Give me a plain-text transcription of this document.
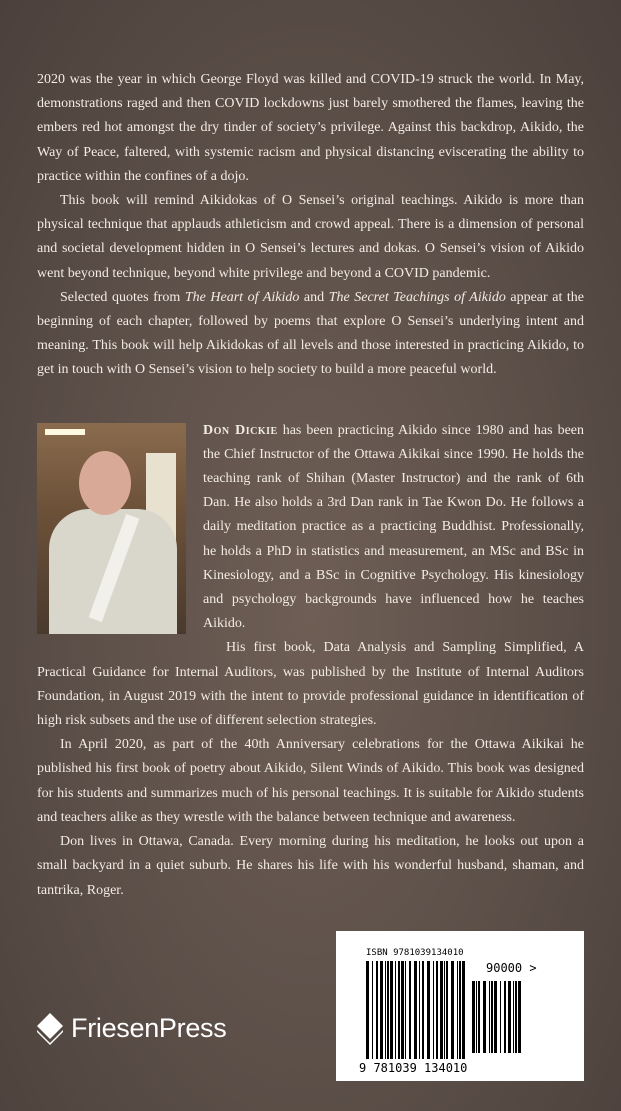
2020 was the year in which George Floyd was killed and COVID-19 struck the world. In May, demonstrations raged and then COVID lockdowns just barely smothered the flames, leaving the embers red hot amongst the dry tinder of society’s privilege. Against this backdrop, Aikido, the Way of Peace, faltered, with systemic racism and physical distancing eviscerating the ability to practice within the confines of a dojo.

This book will remind Aikidokas of O Sensei’s original teachings. Aikido is more than physical technique that applauds athleticism and crowd appeal. There is a dimension of personal and societal development hidden in O Sensei’s lectures and dokas. O Sensei’s vision of Aikido went beyond technique, beyond white privilege and beyond a COVID pandemic.

Selected quotes from The Heart of Aikido and The Secret Teachings of Aikido appear at the beginning of each chapter, followed by poems that explore O Sensei’s underlying intent and meaning. This book will help Aikidokas of all levels and those interested in practicing Aikido, to get in touch with O Sensei’s vision to help society to build a more peaceful world.

Don Dickie has been practicing Aikido since 1980 and has been the Chief Instructor of the Ottawa Aikikai since 1990. He holds the teaching rank of Shihan (Master Instructor) and the rank of 6th Dan. He also holds a 3rd Dan rank in Tae Kwon Do. He follows a daily meditation practice as a practicing Buddhist. Professionally, he holds a PhD in statistics and measurement, an MSc and BSc in Kinesiology, and a BSc in Cognitive Psychology. His kinesiology and psychology backgrounds have influenced how he teaches Aikido.

His first book, Data Analysis and Sampling Simplified, A Practical Guidance for Internal Auditors, was published by the Institute of Internal Auditors Foundation, in August 2019 with the intent to provide professional guidance in identification of high risk subsets and the use of different selection strategies.

In April 2020, as part of the 40th Anniversary celebrations for the Ottawa Aikikai he published his first book of poetry about Aikido, Silent Winds of Aikido. This book was designed for his students and summarizes much of his personal teachings. It is suitable for Aikido students and teachers alike as they wrestle with the balance between technique and awareness.

Don lives in Ottawa, Canada. Every morning during his meditation, he looks out upon a small backyard in a quiet suburb. He shares his life with his wonderful husband, shaman, and tantrika, Roger.

FriesenPress
ISBN 9781039134010
90000 >
9 781039 134010
